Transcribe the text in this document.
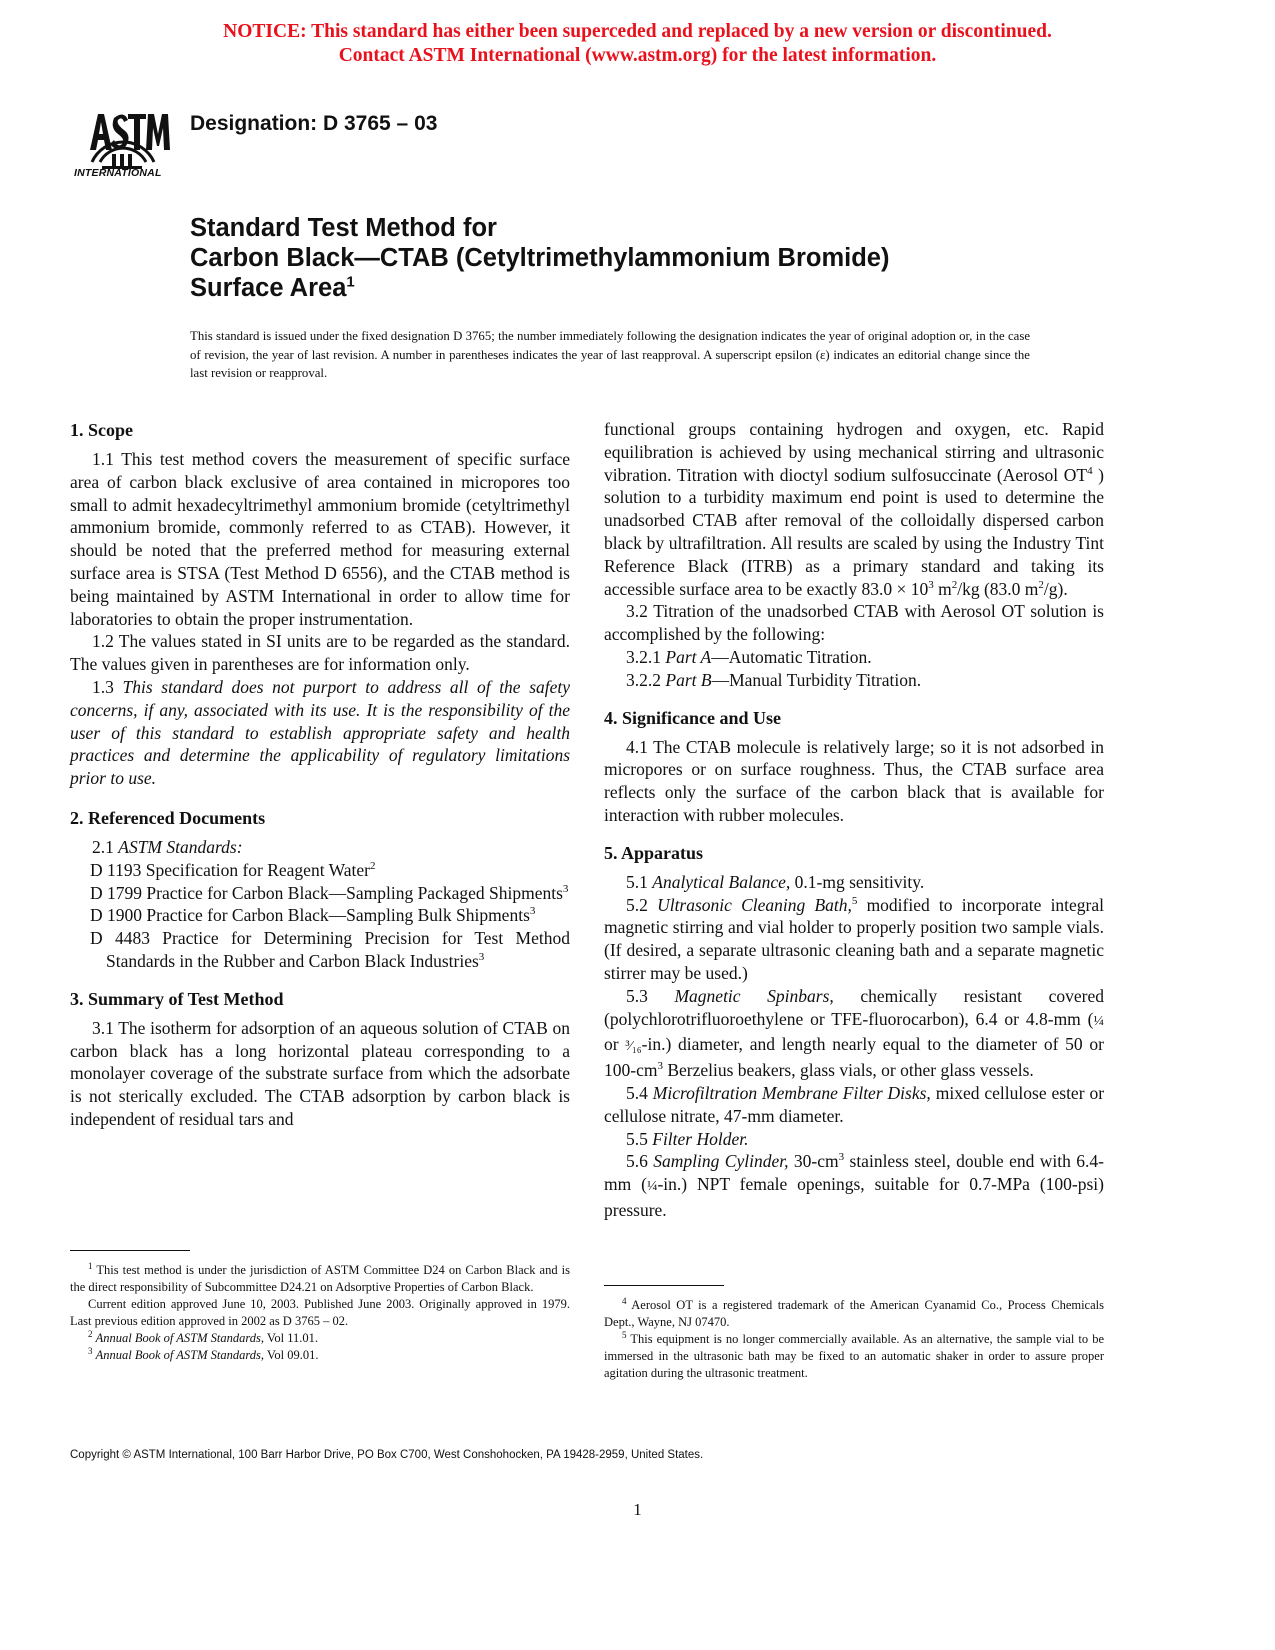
NOTICE: This standard has either been superceded and replaced by a new version or discontinued.
Contact ASTM International (www.astm.org) for the latest information.
INTERNATIONAL
Designation: D 3765 – 03
Standard Test Method for
Carbon Black—CTAB (Cetyltrimethylammonium Bromide)
Surface Area$^1$
This standard is issued under the fixed designation D 3765; the number immediately following the designation indicates the year of original adoption or, in the case of revision, the year of last revision. A number in parentheses indicates the year of last reapproval. A superscript epsilon (ε) indicates an editorial change since the last revision or reapproval.
1. Scope

1.1 This test method covers the measurement of specific surface area of carbon black exclusive of area contained in micropores too small to admit hexadecyltrimethyl ammonium bromide (cetyltrimethyl ammonium bromide, commonly referred to as CTAB). However, it should be noted that the preferred method for measuring external surface area is STSA (Test Method D 6556), and the CTAB method is being maintained by ASTM International in order to allow time for laboratories to obtain the proper instrumentation.

1.2 The values stated in SI units are to be regarded as the standard. The values given in parentheses are for information only.

1.3 This standard does not purport to address all of the safety concerns, if any, associated with its use. It is the responsibility of the user of this standard to establish appropriate safety and health practices and determine the applicability of regulatory limitations prior to use.

2. Referenced Documents

2.1 ASTM Standards:

D 1193 Specification for Reagent Water$^2$
D 1799 Practice for Carbon Black—Sampling Packaged Shipments$^3$
D 1900 Practice for Carbon Black—Sampling Bulk Shipments$^3$
D 4483 Practice for Determining Precision for Test Method Standards in the Rubber and Carbon Black Industries$^3$
3. Summary of Test Method

3.1 The isotherm for adsorption of an aqueous solution of CTAB on carbon black has a long horizontal plateau corresponding to a monolayer coverage of the substrate surface from which the adsorbate is not sterically excluded. The CTAB adsorption by carbon black is independent of residual tars and

functional groups containing hydrogen and oxygen, etc. Rapid equilibration is achieved by using mechanical stirring and ultrasonic vibration. Titration with dioctyl sodium sulfosuccinate (Aerosol $OT^4$ ) solution to a turbidity maximum end point is used to determine the unadsorbed CTAB after removal of the colloidally dispersed carbon black by ultrafiltration. All results are scaled by using the Industry Tint Reference Black (ITRB) as a primary standard and taking its accessible surface area to be exactly $83.0 \times 10^3$ $m^2/kg$ (83.0 $m^2/g$).

3.2 Titration of the unadsorbed CTAB with Aerosol OT solution is accomplished by the following:

3.2.1 Part A—Automatic Titration.

3.2.2 Part B—Manual Turbidity Titration.

4. Significance and Use

4.1 The CTAB molecule is relatively large; so it is not adsorbed in micropores or on surface roughness. Thus, the CTAB surface area reflects only the surface of the carbon black that is available for interaction with rubber molecules.

5. Apparatus

5.1 Analytical Balance, 0.1-mg sensitivity.

5.2 Ultrasonic Cleaning Bath,$^5$ modified to incorporate integral magnetic stirring and vial holder to properly position two sample vials. (If desired, a separate ultrasonic cleaning bath and a separate magnetic stirrer may be used.)

5.3 Magnetic Spinbars, chemically resistant covered (polychlorotrifluoroethylene or TFE-fluorocarbon), 6.4 or 4.8-mm (¼ or ³⁄₁₆-in.) diameter, and length nearly equal to the diameter of 50 or $100-cm^3$ Berzelius beakers, glass vials, or other glass vessels.

5.4 Microfiltration Membrane Filter Disks, mixed cellulose ester or cellulose nitrate, 47-mm diameter.

5.5 Filter Holder.

5.6 Sampling Cylinder, $30-cm^3$ stainless steel, double end with 6.4-mm (¼-in.) NPT female openings, suitable for 0.7-MPa (100-psi) pressure.

$^1$ This test method is under the jurisdiction of ASTM Committee D24 on Carbon Black and is the direct responsibility of Subcommittee D24.21 on Adsorptive Properties of Carbon Black.

Current edition approved June 10, 2003. Published June 2003. Originally approved in 1979. Last previous edition approved in 2002 as D 3765 – 02.

$^2$ Annual Book of ASTM Standards, Vol 11.01.

$^3$ Annual Book of ASTM Standards, Vol 09.01.

$^4$ Aerosol OT is a registered trademark of the American Cyanamid Co., Process Chemicals Dept., Wayne, NJ 07470.

$^5$ This equipment is no longer commercially available. As an alternative, the sample vial to be immersed in the ultrasonic bath may be fixed to an automatic shaker in order to assure proper agitation during the ultrasonic treatment.

Copyright © ASTM International, 100 Barr Harbor Drive, PO Box C700, West Conshohocken, PA 19428-2959, United States.
1
